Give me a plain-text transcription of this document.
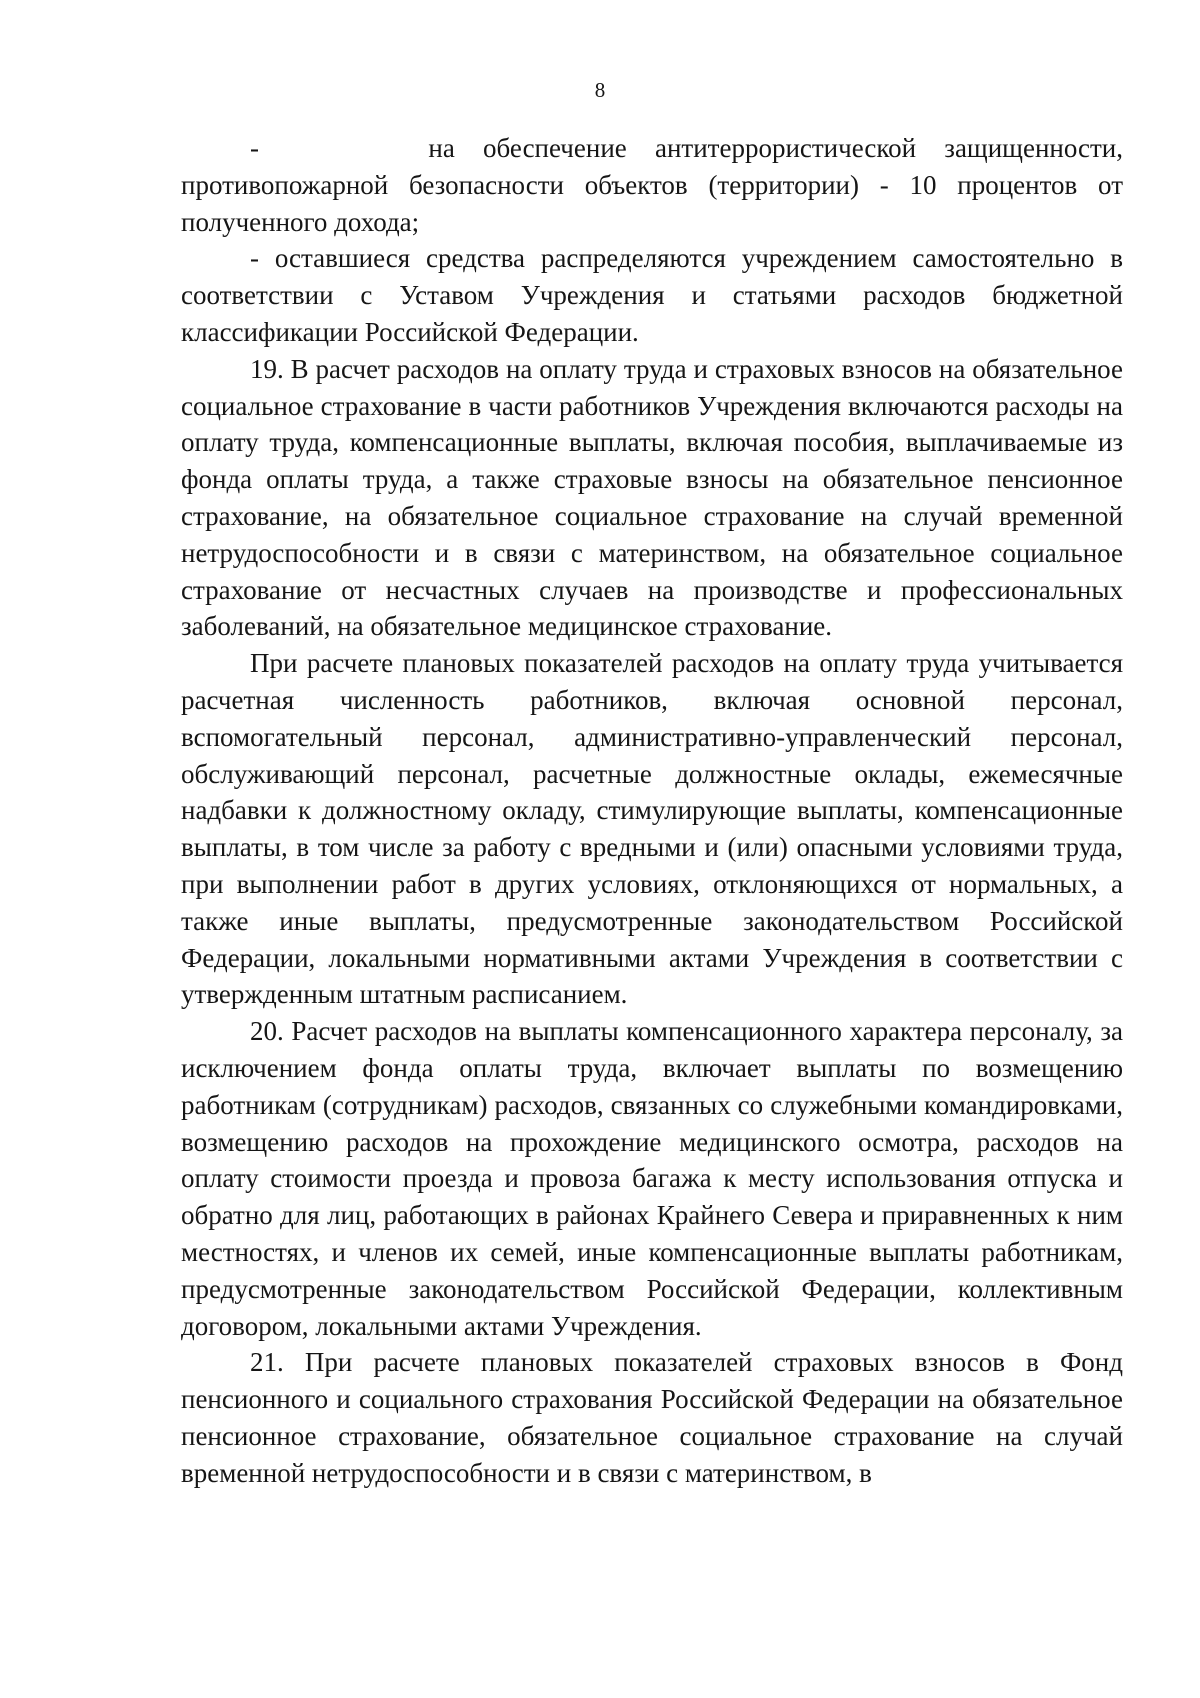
8

-      на обеспечение антитеррористической защищенности, противопожарной безопасности объектов (территории) - 10 процентов от полученного дохода;

- оставшиеся средства распределяются учреждением самостоятельно в соответствии с Уставом Учреждения и статьями расходов бюджетной классификации Российской Федерации.

19. В расчет расходов на оплату труда и страховых взносов на обязательное социальное страхование в части работников Учреждения включаются расходы на оплату труда, компенсационные выплаты, включая пособия, выплачиваемые из фонда оплаты труда, а также страховые взносы на обязательное пенсионное страхование, на обязательное социальное страхование на случай временной нетрудоспособности и в связи с материнством, на обязательное социальное страхование от несчастных случаев на производстве и профессиональных заболеваний, на обязательное медицинское страхование.

При расчете плановых показателей расходов на оплату труда учитывается расчетная численность работников, включая основной персонал, вспомогательный персонал, административно-управленческий персонал, обслуживающий персонал, расчетные должностные оклады, ежемесячные надбавки к должностному окладу, стимулирующие выплаты, компенсационные выплаты, в том числе за работу с вредными и (или) опасными условиями труда, при выполнении работ в других условиях, отклоняющихся от нормальных, а также иные выплаты, предусмотренные законодательством Российской Федерации, локальными нормативными актами Учреждения в соответствии с утвержденным штатным расписанием.

20. Расчет расходов на выплаты компенсационного характера персоналу, за исключением фонда оплаты труда, включает выплаты по возмещению работникам (сотрудникам) расходов, связанных со служебными командировками, возмещению расходов на прохождение медицинского осмотра, расходов на оплату стоимости проезда и провоза багажа к месту использования отпуска и обратно для лиц, работающих в районах Крайнего Севера и приравненных к ним местностях, и членов их семей, иные компенсационные выплаты работникам, предусмотренные законодательством Российской Федерации, коллективным договором, локальными актами Учреждения.

21. При расчете плановых показателей страховых взносов в Фонд пенсионного и социального страхования Российской Федерации на обязательное пенсионное страхование, обязательное социальное страхование на случай временной нетрудоспособности и в связи с материнством, в
